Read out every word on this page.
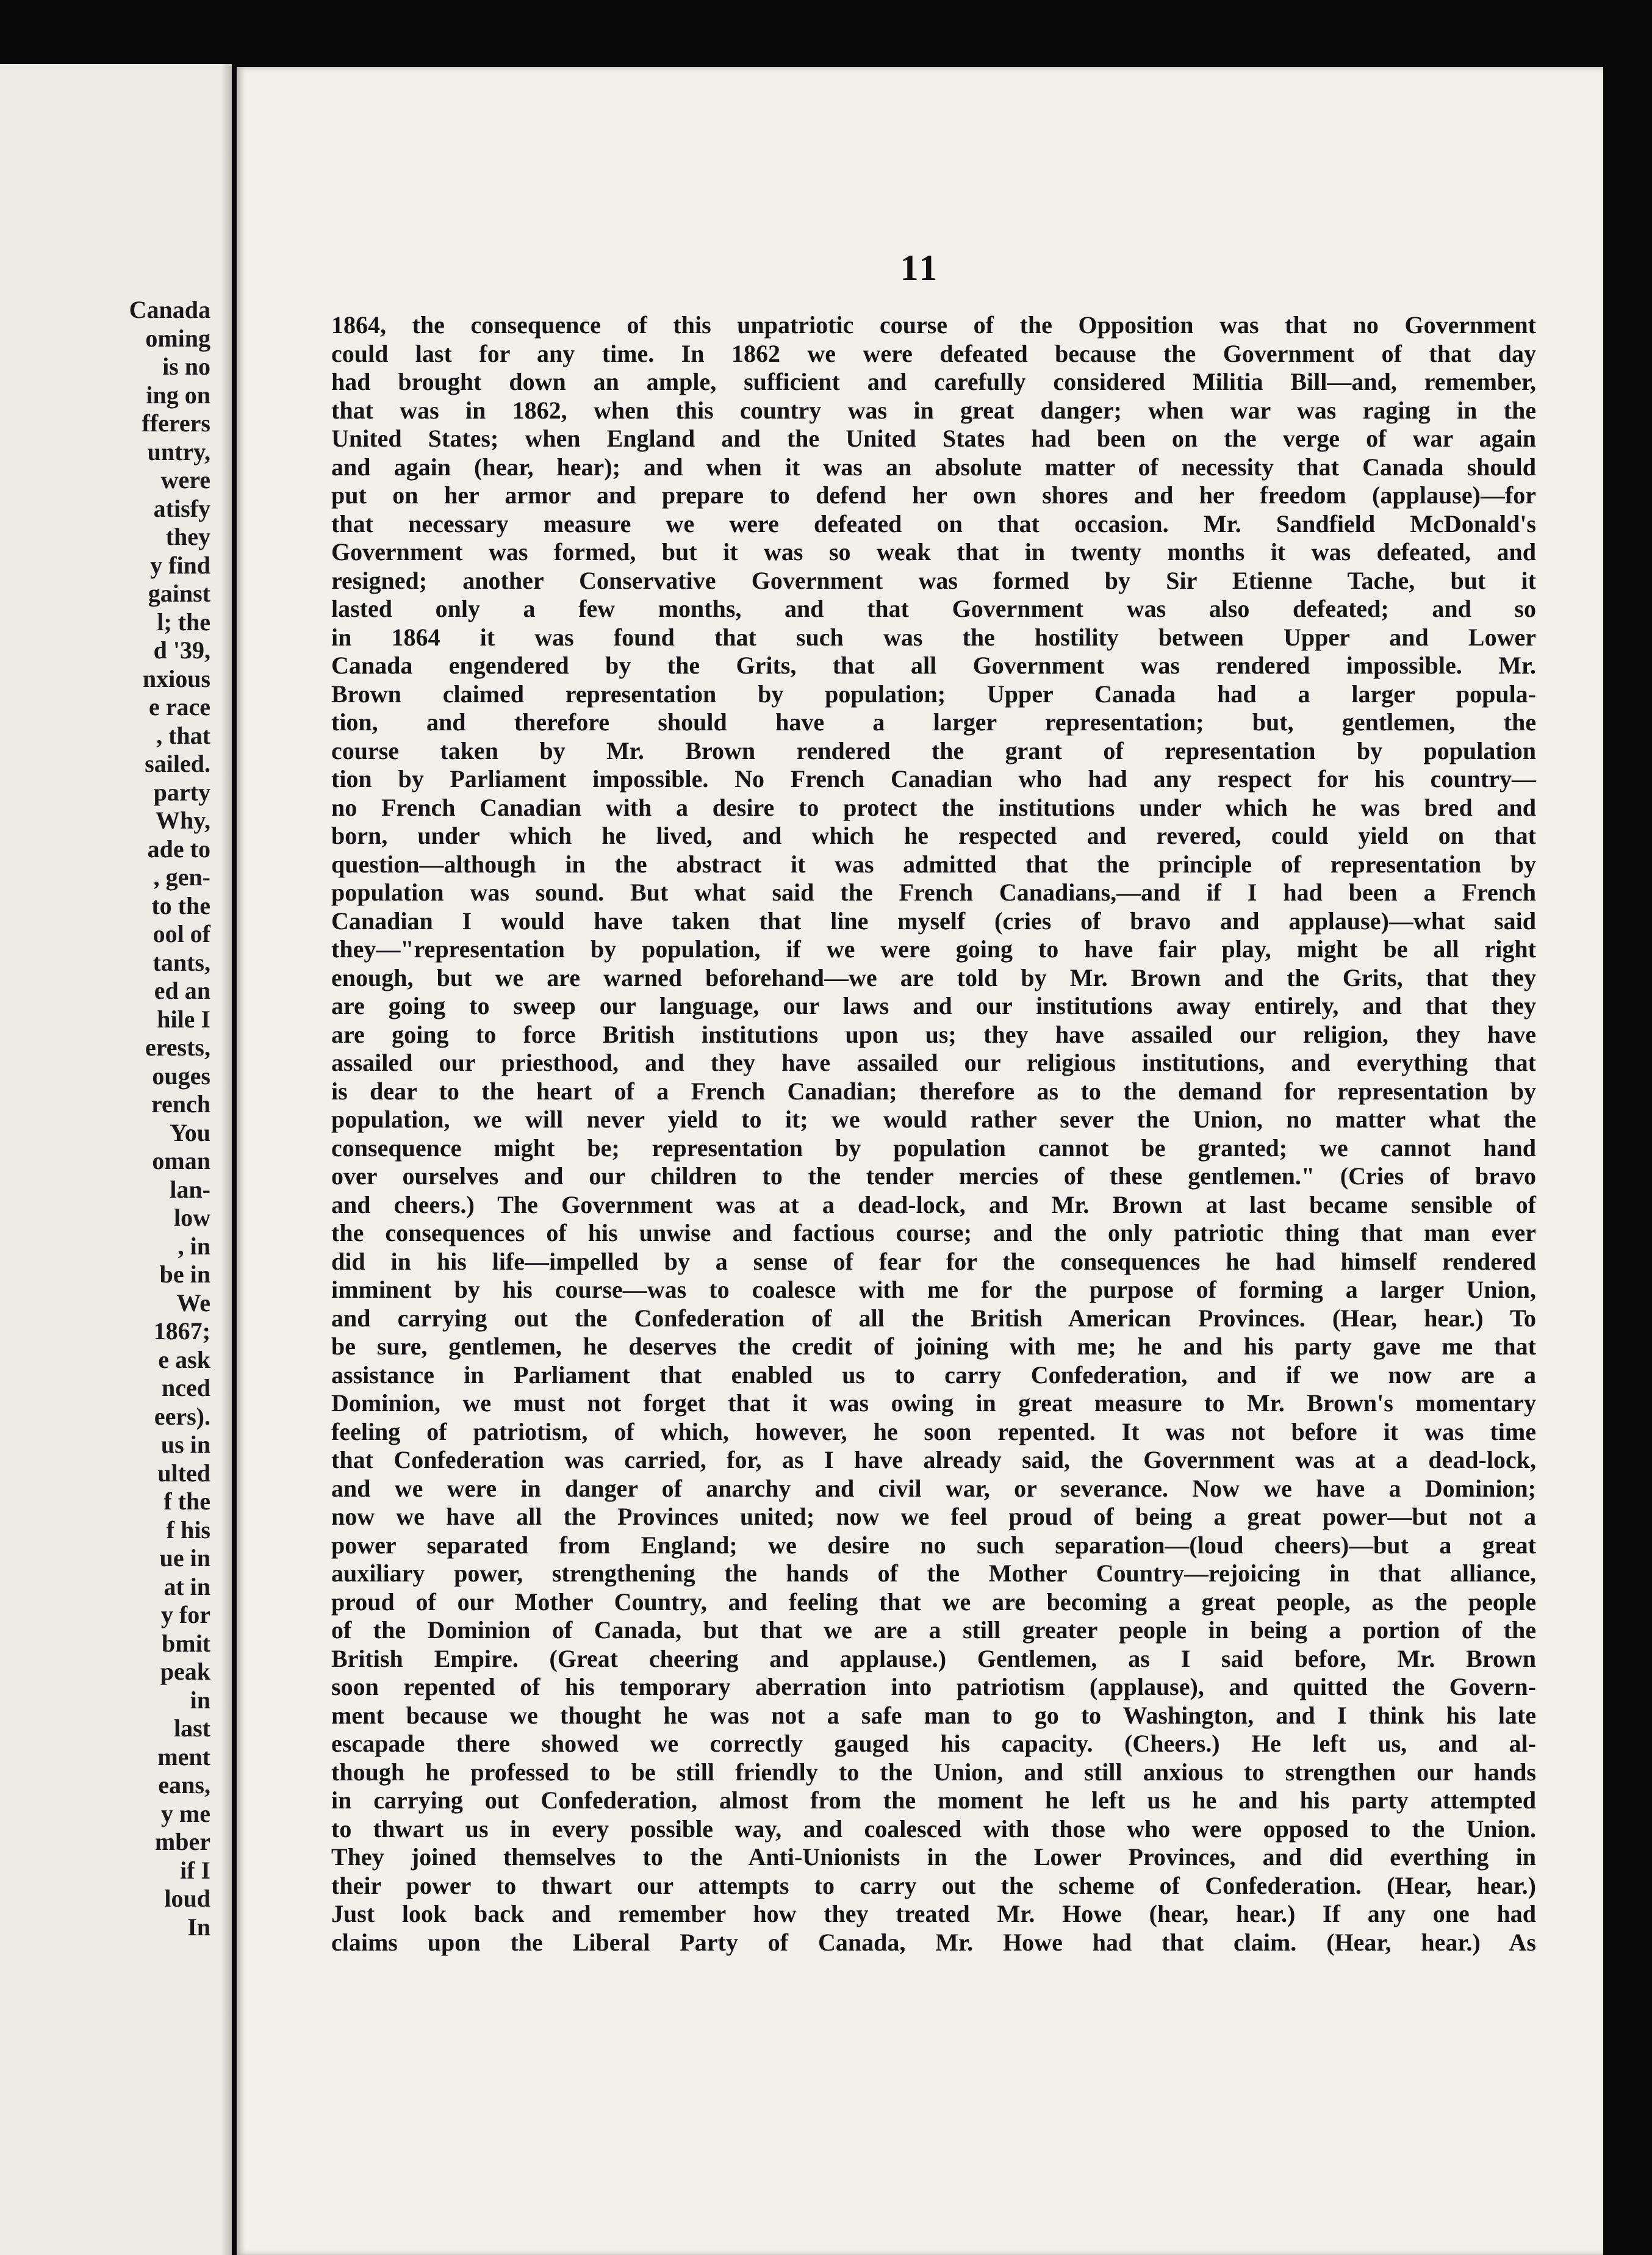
Canada
oming
is no
ing on
fferers
untry,
were
atisfy
they
y find
gainst
l; the
d '39,
nxious
e race
, that
sailed.
party
Why,
ade to
, gen-
to the
ool of
tants,
ed an
hile I
erests,
ouges
rench
You
oman
lan-
low
, in
be in
We
1867;
e ask
nced
eers).
us in
ulted
f the
f his
ue in
at in
y for
bmit
peak
in
last
ment
eans,
y me
mber
if I
loud
In
11
1864, the consequence of this unpatriotic course of the Opposition was that no Government
could last for any time. In 1862 we were defeated because the Government of that day
had brought down an ample, sufficient and carefully considered Militia Bill—and, remember,
that was in 1862, when this country was in great danger; when war was raging in the
United States; when England and the United States had been on the verge of war again
and again (hear, hear); and when it was an absolute matter of necessity that Canada should
put on her armor and prepare to defend her own shores and her freedom (applause)—for
that necessary measure we were defeated on that occasion. Mr. Sandfield McDonald's
Government was formed, but it was so weak that in twenty months it was defeated, and
resigned; another Conservative Government was formed by Sir Etienne Tache, but it
lasted only a few months, and that Government was also defeated; and so
in 1864 it was found that such was the hostility between Upper and Lower
Canada engendered by the Grits, that all Government was rendered impossible. Mr.
Brown claimed representation by population; Upper Canada had a larger popula-
tion, and therefore should have a larger representation; but, gentlemen, the
course taken by Mr. Brown rendered the grant of representation by population
tion by Parliament impossible. No French Canadian who had any respect for his country—
no French Canadian with a desire to protect the institutions under which he was bred and
born, under which he lived, and which he respected and revered, could yield on that
question—although in the abstract it was admitted that the principle of representation by
population was sound. But what said the French Canadians,—and if I had been a French
Canadian I would have taken that line myself (cries of bravo and applause)—what said
they—"representation by population, if we were going to have fair play, might be all right
enough, but we are warned beforehand—we are told by Mr. Brown and the Grits, that they
are going to sweep our language, our laws and our institutions away entirely, and that they
are going to force British institutions upon us; they have assailed our religion, they have
assailed our priesthood, and they have assailed our religious institutions, and everything that
is dear to the heart of a French Canadian; therefore as to the demand for representation by
population, we will never yield to it; we would rather sever the Union, no matter what the
consequence might be; representation by population cannot be granted; we cannot hand
over ourselves and our children to the tender mercies of these gentlemen." (Cries of bravo
and cheers.) The Government was at a dead-lock, and Mr. Brown at last became sensible of
the consequences of his unwise and factious course; and the only patriotic thing that man ever
did in his life—impelled by a sense of fear for the consequences he had himself rendered
imminent by his course—was to coalesce with me for the purpose of forming a larger Union,
and carrying out the Confederation of all the British American Provinces. (Hear, hear.) To
be sure, gentlemen, he deserves the credit of joining with me; he and his party gave me that
assistance in Parliament that enabled us to carry Confederation, and if we now are a
Dominion, we must not forget that it was owing in great measure to Mr. Brown's momentary
feeling of patriotism, of which, however, he soon repented. It was not before it was time
that Confederation was carried, for, as I have already said, the Government was at a dead-lock,
and we were in danger of anarchy and civil war, or severance. Now we have a Dominion;
now we have all the Provinces united; now we feel proud of being a great power—but not a
power separated from England; we desire no such separation—(loud cheers)—but a great
auxiliary power, strengthening the hands of the Mother Country—rejoicing in that alliance,
proud of our Mother Country, and feeling that we are becoming a great people, as the people
of the Dominion of Canada, but that we are a still greater people in being a portion of the
British Empire. (Great cheering and applause.) Gentlemen, as I said before, Mr. Brown
soon repented of his temporary aberration into patriotism (applause), and quitted the Govern-
ment because we thought he was not a safe man to go to Washington, and I think his late
escapade there showed we correctly gauged his capacity. (Cheers.) He left us, and al-
though he professed to be still friendly to the Union, and still anxious to strengthen our hands
in carrying out Confederation, almost from the moment he left us he and his party attempted
to thwart us in every possible way, and coalesced with those who were opposed to the Union.
They joined themselves to the Anti-Unionists in the Lower Provinces, and did everthing in
their power to thwart our attempts to carry out the scheme of Confederation. (Hear, hear.)
Just look back and remember how they treated Mr. Howe (hear, hear.) If any one had
claims upon the Liberal Party of Canada, Mr. Howe had that claim. (Hear, hear.) As
